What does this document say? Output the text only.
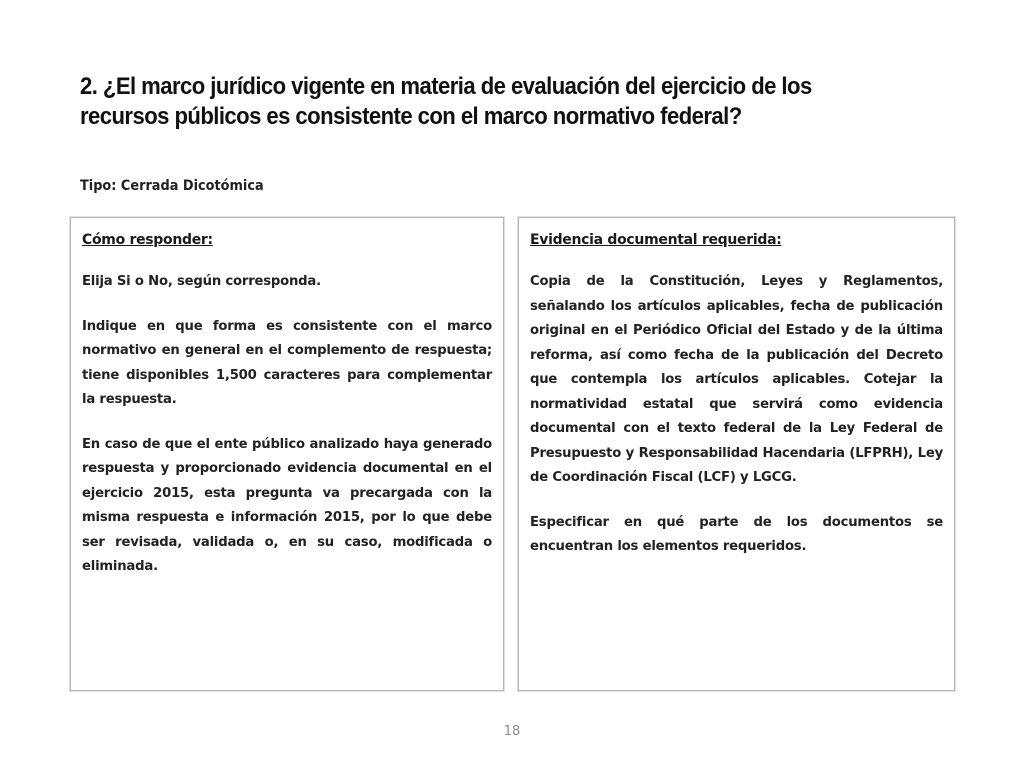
2. ¿El marco jurídico vigente en materia de evaluación del ejercicio de los recursos públicos es consistente con el marco normativo federal?
Tipo: Cerrada Dicotómica
Cómo responder:

Elija Si o No, según corresponda.

Indique en que forma es consistente con el marco normativo en general en el complemento de respuesta; tiene disponibles 1,500 caracteres para complementar la respuesta.

En caso de que el ente público analizado haya generado respuesta y proporcionado evidencia documental en el ejercicio 2015, esta pregunta va precargada con la misma respuesta e información 2015, por lo que debe ser revisada, validada o, en su caso, modificada o eliminada.

Evidencia documental requerida:

Copia de la Constitución, Leyes y Reglamentos, señalando los artículos aplicables, fecha de publicación original en el Periódico Oficial del Estado y de la última reforma, así como fecha de la publicación del Decreto que contempla los artículos aplicables. Cotejar la normatividad estatal que servirá como evidencia documental con el texto federal de la Ley Federal de Presupuesto y Responsabilidad Hacendaria (LFPRH), Ley de Coordinación Fiscal (LCF) y LGCG.

Especificar en qué parte de los documentos se encuentran los elementos requeridos.

18
